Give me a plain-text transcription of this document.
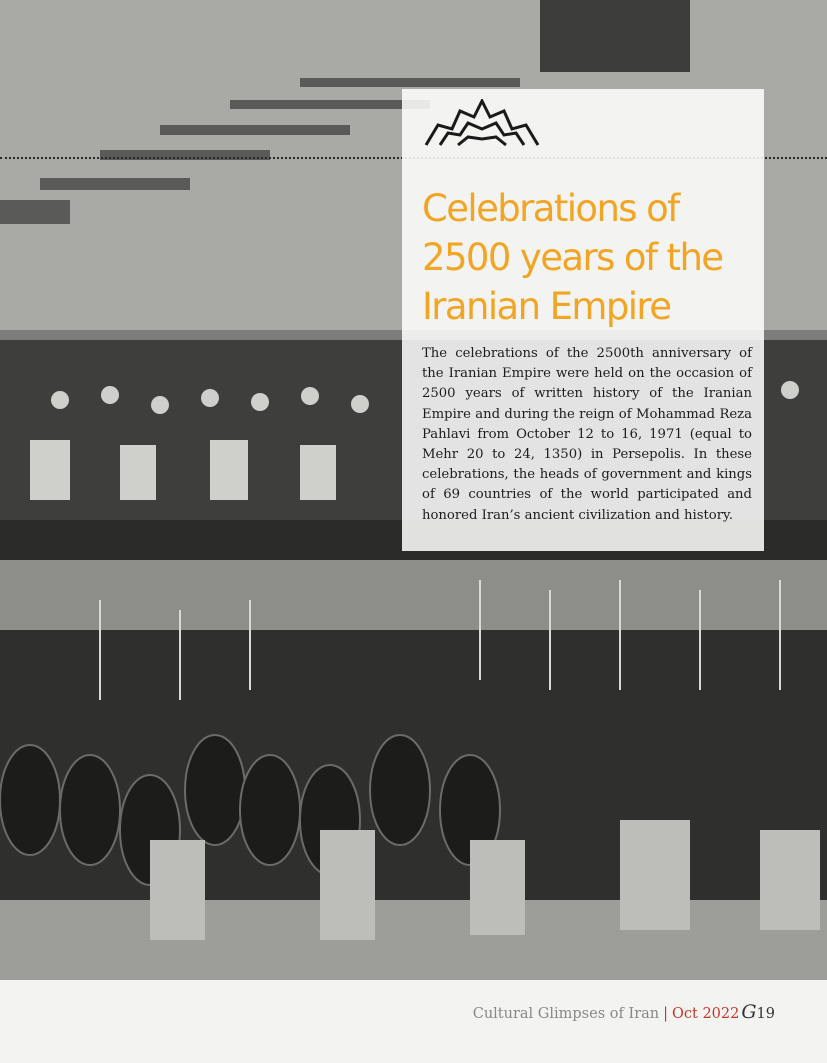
Celebrations of
2500 years of the
Iranian Empire

The celebrations of the 2500th anniversary of the Iranian Empire were held on the occasion of 2500 years of written history of the Iranian Empire and during the reign of Mohammad Reza Pahlavi from October 12 to 16, 1971 (equal to Mehr 20 to 24, 1350) in Persepolis. In these celebrations, the heads of government and kings of 69 countries of the world participated and honored Iran’s ancient civilization and history.

Cultural Glimpses of Iran | Oct 2022 G19
